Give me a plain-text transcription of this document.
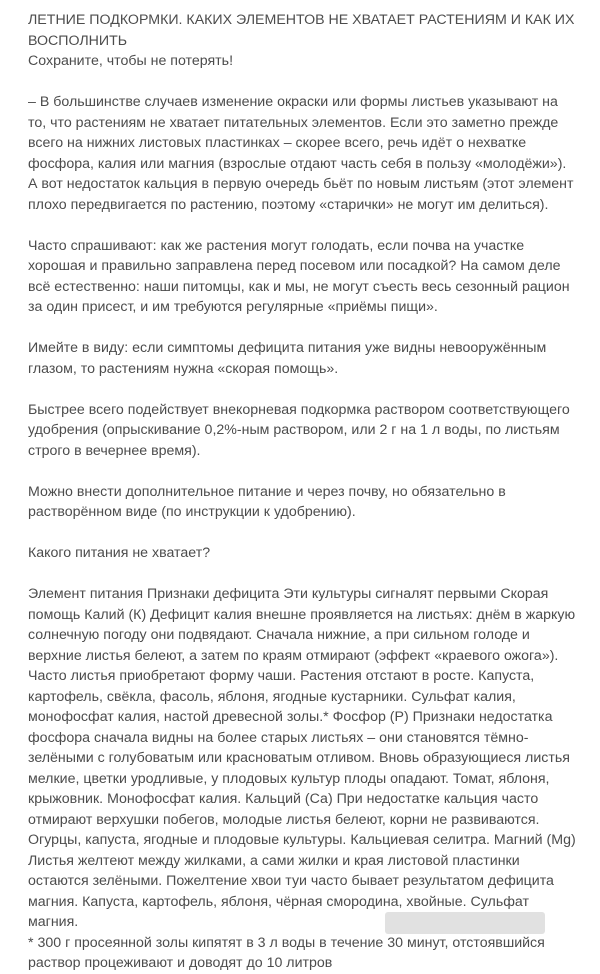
ЛЕТНИЕ ПОДКОРМКИ. КАКИХ ЭЛЕМЕНТОВ НЕ ХВАТАЕТ РАСТЕНИЯМ И КАК ИХ ВОСПОЛНИТЬ

Сохраните, чтобы не потерять!

– В большинстве случаев изменение окраски или формы листьев указывают на то, что растениям не хватает питательных элементов. Если это заметно прежде всего на нижних листовых пластинках – скорее всего, речь идёт о нехватке фосфора, калия или магния (взрослые отдают часть себя в пользу «молодёжи»). А вот недостаток кальция в первую очередь бьёт по новым листьям (этот элемент плохо передвигается по растению, поэтому «старички» не могут им делиться).

Часто спрашивают: как же растения могут голодать, если почва на участке хорошая и правильно заправлена перед посевом или посадкой? На самом деле всё естественно: наши питомцы, как и мы, не могут съесть весь сезонный рацион за один присест, и им требуются регулярные «приёмы пищи».

Имейте в виду: если симптомы дефицита питания уже видны невооружённым глазом, то растениям нужна «скорая помощь».

Быстрее всего подействует внекорневая подкормка раствором соответствующего удобрения (опрыскивание 0,2%-ным раствором, или 2 г на 1 л воды, по листьям строго в вечернее время).

Можно внести дополнительное питание и через почву, но обязательно в растворённом виде (по инструкции к удобрению).

Какого питания не хватает?

Элемент питания Признаки дефицита Эти культуры сигналят первыми Скорая помощь Калий (К) Дефицит калия внешне проявляется на листьях: днём в жаркую солнечную погоду они подвядают. Сначала нижние, а при сильном голоде и верхние листья белеют, а затем по краям отмирают (эффект «краевого ожога»). Часто листья приобретают форму чаши. Растения отстают в росте. Капуста, картофель, свёкла, фасоль, яблоня, ягодные кустарники. Сульфат калия, монофосфат калия, настой древесной золы.* Фосфор (Р) Признаки недостатка фосфора сначала видны на более старых листьях – они становятся тёмно-зелёными с голубоватым или красноватым отливом. Вновь образующиеся листья мелкие, цветки уродливые, у плодовых культур плоды опадают. Томат, яблоня, крыжовник. Монофосфат калия. Кальций (Са) При недостатке кальция часто отмирают верхушки побегов, молодые листья белеют, корни не развиваются. Огурцы, капуста, ягодные и плодовые культуры. Кальциевая селитра. Магний (Mg) Листья желтеют между жилками, а сами жилки и края листовой пластинки остаются зелёными. Пожелтение хвои туи часто бывает результатом дефицита магния. Капуста, картофель, яблоня, чёрная смородина, хвойные. Сульфат магния.

* 300 г просеянной золы кипятят в 3 л воды в течение 30 минут, отстоявшийся раствор процеживают и доводят до 10 литров
